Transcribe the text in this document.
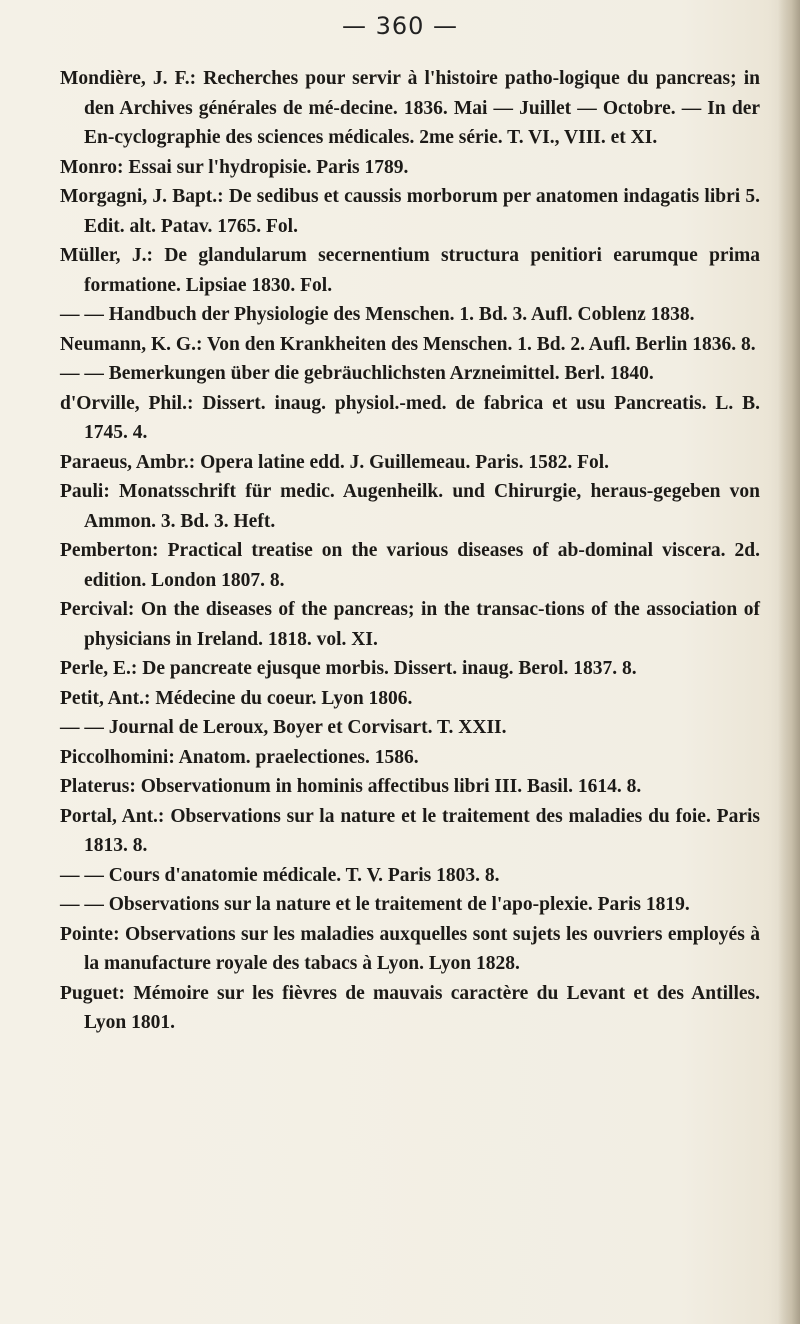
— 360 —

Mondière, J. F.: Recherches pour servir à l'histoire patho-logique du pancreas; in den Archives générales de mé-decine. 1836. Mai — Juillet — Octobre. — In der En-cyclographie des sciences médicales. 2me série. T. VI., VIII. et XI.

Monro: Essai sur l'hydropisie. Paris 1789.

Morgagni, J. Bapt.: De sedibus et caussis morborum per anatomen indagatis libri 5. Edit. alt. Patav. 1765. Fol.

Müller, J.: De glandularum secernentium structura penitiori earumque prima formatione. Lipsiae 1830. Fol.

— — Handbuch der Physiologie des Menschen. 1. Bd. 3. Aufl. Coblenz 1838.

Neumann, K. G.: Von den Krankheiten des Menschen. 1. Bd. 2. Aufl. Berlin 1836. 8.

— — Bemerkungen über die gebräuchlichsten Arzneimittel. Berl. 1840.

d'Orville, Phil.: Dissert. inaug. physiol.-med. de fabrica et usu Pancreatis. L. B. 1745. 4.

Paraeus, Ambr.: Opera latine edd. J. Guillemeau. Paris. 1582. Fol.

Pauli: Monatsschrift für medic. Augenheilk. und Chirurgie, heraus-gegeben von Ammon. 3. Bd. 3. Heft.

Pemberton: Practical treatise on the various diseases of ab-dominal viscera. 2d. edition. London 1807. 8.

Percival: On the diseases of the pancreas; in the transac-tions of the association of physicians in Ireland. 1818. vol. XI.

Perle, E.: De pancreate ejusque morbis. Dissert. inaug. Berol. 1837. 8.

Petit, Ant.: Médecine du coeur. Lyon 1806.

— — Journal de Leroux, Boyer et Corvisart. T. XXII.

Piccolhomini: Anatom. praelectiones. 1586.

Platerus: Observationum in hominis affectibus libri III. Basil. 1614. 8.

Portal, Ant.: Observations sur la nature et le traitement des maladies du foie. Paris 1813. 8.

— — Cours d'anatomie médicale. T. V. Paris 1803. 8.

— — Observations sur la nature et le traitement de l'apo-plexie. Paris 1819.

Pointe: Observations sur les maladies auxquelles sont sujets les ouvriers employés à la manufacture royale des tabacs à Lyon. Lyon 1828.

Puguet: Mémoire sur les fièvres de mauvais caractère du Levant et des Antilles. Lyon 1801.
